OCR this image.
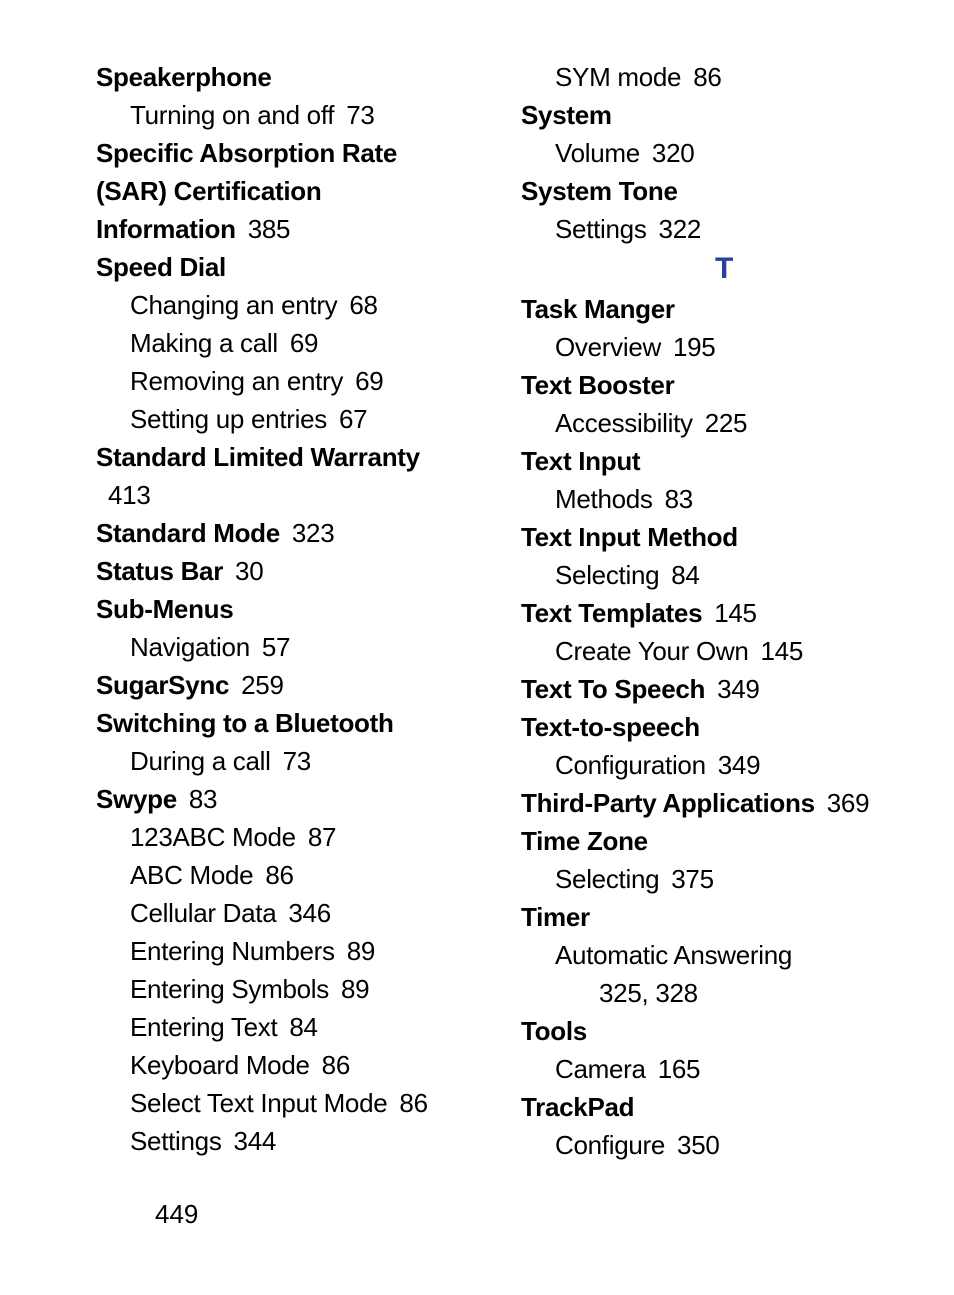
Speakerphone
Turning on and off 73
Specific Absorption Rate
(SAR) Certification
Information 385
Speed Dial
Changing an entry 68
Making a call 69
Removing an entry 69
Setting up entries 67
Standard Limited Warranty
413
Standard Mode 323
Status Bar 30
Sub-Menus
Navigation 57
SugarSync 259
Switching to a Bluetooth
During a call 73
Swype 83
123ABC Mode 87
ABC Mode 86
Cellular Data 346
Entering Numbers 89
Entering Symbols 89
Entering Text 84
Keyboard Mode 86
Select Text Input Mode 86
Settings 344
SYM mode 86
System
Volume 320
System Tone
Settings 322
T
Task Manger
Overview 195
Text Booster
Accessibility 225
Text Input
Methods 83
Text Input Method
Selecting 84
Text Templates 145
Create Your Own 145
Text To Speech 349
Text-to-speech
Configuration 349
Third-Party Applications 369
Time Zone
Selecting 375
Timer
Automatic Answering
325, 328
Tools
Camera 165
TrackPad
Configure 350
449
